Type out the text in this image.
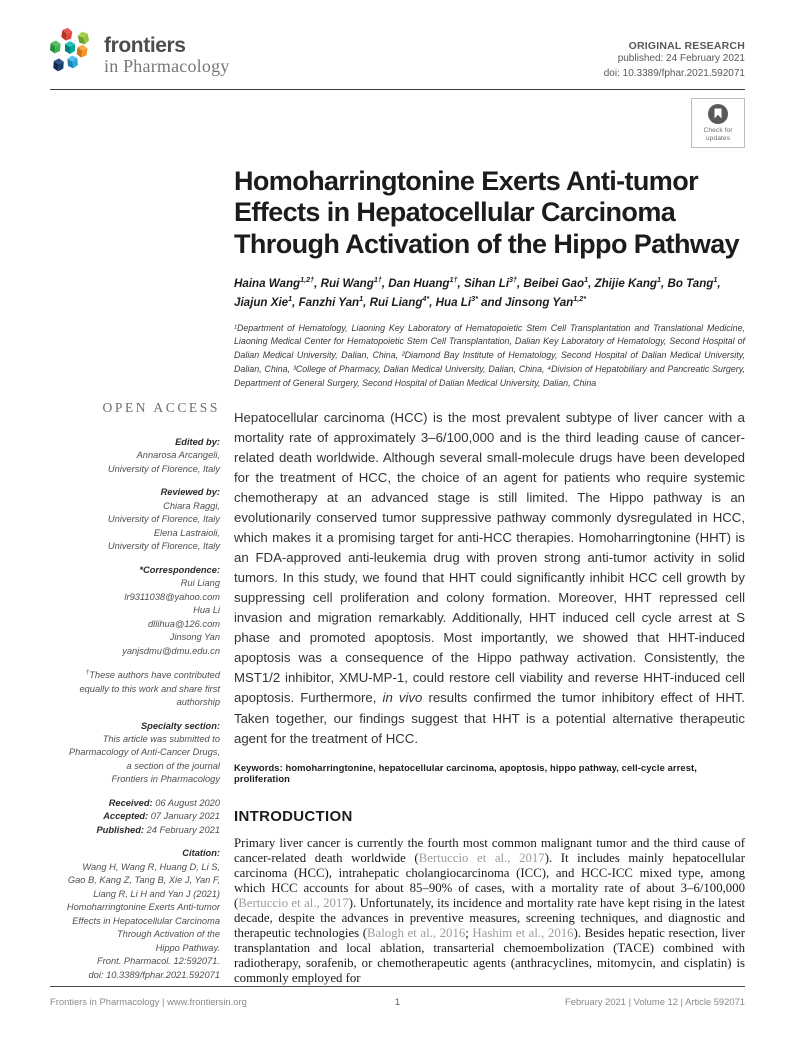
frontiers
in Pharmacology
ORIGINAL RESEARCH
published: 24 February 2021
doi: 10.3389/fphar.2021.592071
Check for
updates
OPEN ACCESS
Edited by:
Annarosa Arcangeli,
University of Florence, Italy
Reviewed by:
Chiara Raggi,
University of Florence, Italy
Elena Lastraioli,
University of Florence, Italy
*Correspondence:
Rui Liang
lr9311038@yahoo.com
Hua Li
dllihua@126.com
Jinsong Yan
yanjsdmu@dmu.edu.cn
†These authors have contributed
equally to this work and share first
authorship
Specialty section:
This article was submitted to
Pharmacology of Anti-Cancer Drugs,
a section of the journal
Frontiers in Pharmacology
Received: 06 August 2020
Accepted: 07 January 2021
Published: 24 February 2021
Citation:
Wang H, Wang R, Huang D, Li S,
Gao B, Kang Z, Tang B, Xie J, Yan F,
Liang R, Li H and Yan J (2021)
Homoharringtonine Exerts Anti-tumor
Effects in Hepatocellular Carcinoma
Through Activation of the
Hippo Pathway.
Front. Pharmacol. 12:592071.
doi: 10.3389/fphar.2021.592071
Homoharringtonine Exerts Anti-tumor Effects in Hepatocellular Carcinoma Through Activation of the Hippo Pathway
Haina Wang$^{1,2\dagger}$, Rui Wang$^{1\dagger}$, Dan Huang$^{1\dagger}$, Sihan $Li^{3\dagger}$, Beibei Gao$^1$, Zhijie Kang$^1$, Bo Tang$^1$, Jiajun Xie$^1$, Fanzhi Yan$^1$, Rui Liang$^{4*}$, Hua $Li^{3*}$ and Jinsong Yan$^{1,2*}$
¹Department of Hematology, Liaoning Key Laboratory of Hematopoietic Stem Cell Transplantation and Translational Medicine, Liaoning Medical Center for Hematopoietic Stem Cell Transplantation, Dalian Key Laboratory of Hematology, Second Hospital of Dalian Medical University, Dalian, China, ²Diamond Bay Institute of Hematology, Second Hospital of Dalian Medical University, Dalian, China, ³College of Pharmacy, Dalian Medical University, Dalian, China, ⁴Division of Hepatobiliary and Pancreatic Surgery, Department of General Surgery, Second Hospital of Dalian Medical University, Dalian, China
Hepatocellular carcinoma (HCC) is the most prevalent subtype of liver cancer with a mortality rate of approximately 3–6/100,000 and is the third leading cause of cancer-related death worldwide. Although several small-molecule drugs have been developed for the treatment of HCC, the choice of an agent for patients who require systemic chemotherapy at an advanced stage is still limited. The Hippo pathway is an evolutionarily conserved tumor suppressive pathway commonly dysregulated in HCC, which makes it a promising target for anti-HCC therapies. Homoharringtonine (HHT) is an FDA-approved anti-leukemia drug with proven strong anti-tumor activity in solid tumors. In this study, we found that HHT could significantly inhibit HCC cell growth by suppressing cell proliferation and colony formation. Moreover, HHT repressed cell invasion and migration remarkably. Additionally, HHT induced cell cycle arrest at S phase and promoted apoptosis. Most importantly, we showed that HHT-induced apoptosis was a consequence of the Hippo pathway activation. Consistently, the MST1/2 inhibitor, XMU-MP-1, could restore cell viability and reverse HHT-induced cell apoptosis. Furthermore, in vivo results confirmed the tumor inhibitory effect of HHT. Taken together, our findings suggest that HHT is a potential alternative therapeutic agent for the treatment of HCC.
Keywords: homoharringtonine, hepatocellular carcinoma, apoptosis, hippo pathway, cell-cycle arrest, proliferation
INTRODUCTION
Primary liver cancer is currently the fourth most common malignant tumor and the third cause of cancer-related death worldwide (Bertuccio et al., 2017). It includes mainly hepatocellular carcinoma (HCC), intrahepatic cholangiocarcinoma (ICC), and HCC-ICC mixed type, among which HCC accounts for about 85–90% of cases, with a mortality rate of about 3–6/100,000 (Bertuccio et al., 2017). Unfortunately, its incidence and mortality rate have kept rising in the latest decade, despite the advances in preventive measures, screening techniques, and diagnostic and therapeutic technologies (Balogh et al., 2016; Hashim et al., 2016). Besides hepatic resection, liver transplantation and local ablation, transarterial chemoembolization (TACE) combined with radiotherapy, sorafenib, or chemotherapeutic agents (anthracyclines, mitomycin, and cisplatin) is commonly employed for
1
Frontiers in Pharmacology | www.frontiersin.org	February 2021 | Volume 12 | Article 592071
